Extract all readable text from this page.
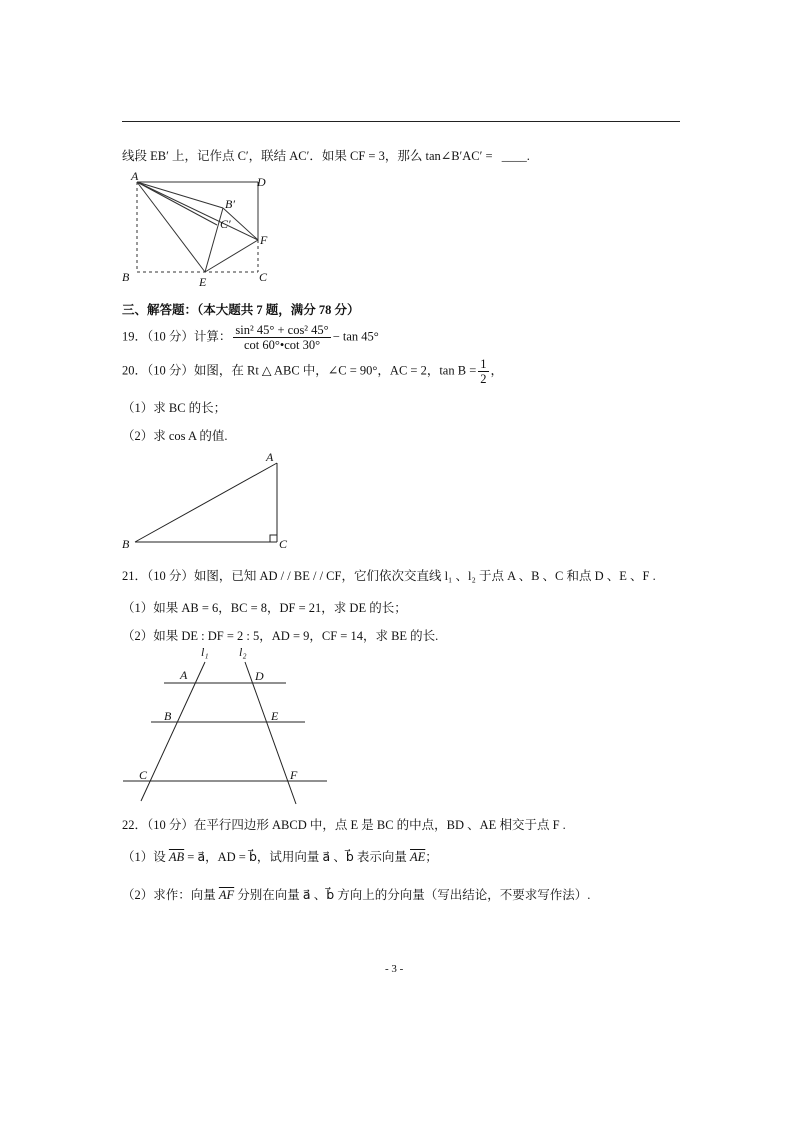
线段 EB′ 上，记作点 C′，联结 AC′．如果 CF = 3，那么 tan∠B′AC′ = ____.
A	D
B′
C′
F
B	E	C
三、解答题：（本大题共 7 题，满分 78 分）
19．（10 分）计算： $\frac{\text{sin² 45° + cos² 45°}}{\cot 60^\circ•\cot 30^\circ} - \tan 45^\circ$
20．（10 分）如图，在 Rt △ ABC 中，∠C = 90°，AC = 2，$\tan B = \frac{1}{2}$ ，
（1）求 BC 的长；
（2）求 cos A 的值.
A
B	C
21．（10 分）如图，已知 AD / / BE / / CF，它们依次交直线 l₁ 、l₂ 于点 A 、B 、C 和点 D 、E 、F .
（1）如果 AB = 6，BC = 8，DF = 21，求 DE 的长；
（2）如果 DE : DF = 2 : 5，AD = 9，CF = 14，求 BE 的长.
l₁	l₂
A	D
B	E
C	F
22．（10 分）在平行四边形 ABCD 中，点 E 是 BC 的中点，BD 、AE 相交于点 F .
（1）设 $\overline{AB}$ = a⃗，AD = b⃗，试用向量 a⃗ 、b⃗ 表示向量 $\overline{AE}$；
（2）求作：向量 $\overline{AF}$ 分别在向量 a⃗ 、b⃗ 方向上的分向量（写出结论，不要求写作法）.
- 3 -
